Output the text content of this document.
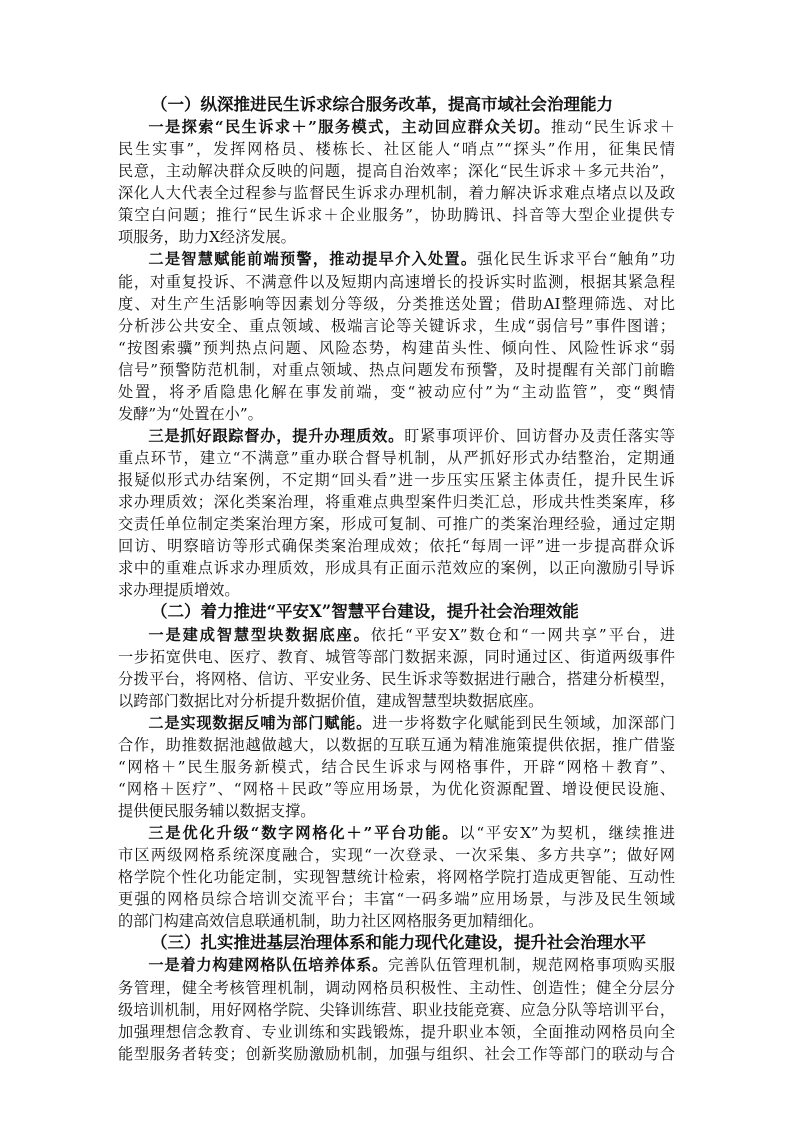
（一）纵深推进民生诉求综合服务改革，提高市域社会治理能力
一是探索“民生诉求＋”服务模式，主动回应群众关切。推动“民生诉求＋
民生实事”，发挥网格员、楼栋长、社区能人“哨点”“探头”作用，征集民情
民意，主动解决群众反映的问题，提高自治效率；深化“民生诉求＋多元共治”，
深化人大代表全过程参与监督民生诉求办理机制，着力解决诉求难点堵点以及政
策空白问题；推行“民生诉求＋企业服务”，协助腾讯、抖音等大型企业提供专
项服务，助力X经济发展。
二是智慧赋能前端预警，推动提早介入处置。强化民生诉求平台“触角”功
能，对重复投诉、不满意件以及短期内高速增长的投诉实时监测，根据其紧急程
度、对生产生活影响等因素划分等级，分类推送处置；借助AI整理筛选、对比
分析涉公共安全、重点领域、极端言论等关键诉求，生成“弱信号”事件图谱；
“按图索骥”预判热点问题、风险态势，构建苗头性、倾向性、风险性诉求“弱
信号”预警防范机制，对重点领域、热点问题发布预警，及时提醒有关部门前瞻
处置，将矛盾隐患化解在事发前端，变“被动应付”为“主动监管”，变“舆情
发酵”为“处置在小”。
三是抓好跟踪督办，提升办理质效。盯紧事项评价、回访督办及责任落实等
重点环节，建立“不满意”重办联合督导机制，从严抓好形式办结整治，定期通
报疑似形式办结案例，不定期“回头看”进一步压实压紧主体责任，提升民生诉
求办理质效；深化类案治理，将重难点典型案件归类汇总，形成共性类案库，移
交责任单位制定类案治理方案，形成可复制、可推广的类案治理经验，通过定期
回访、明察暗访等形式确保类案治理成效；依托“每周一评”进一步提高群众诉
求中的重难点诉求办理质效，形成具有正面示范效应的案例，以正向激励引导诉
求办理提质增效。
（二）着力推进“平安X”智慧平台建设，提升社会治理效能
一是建成智慧型块数据底座。依托“平安X”数仓和“一网共享”平台，进
一步拓宽供电、医疗、教育、城管等部门数据来源，同时通过区、街道两级事件
分拨平台，将网格、信访、平安业务、民生诉求等数据进行融合，搭建分析模型，
以跨部门数据比对分析提升数据价值，建成智慧型块数据底座。
二是实现数据反哺为部门赋能。进一步将数字化赋能到民生领域，加深部门
合作，助推数据池越做越大，以数据的互联互通为精准施策提供依据，推广借鉴
“网格＋”民生服务新模式，结合民生诉求与网格事件，开辟“网格＋教育”、
“网格＋医疗”、“网格＋民政”等应用场景，为优化资源配置、增设便民设施、
提供便民服务辅以数据支撑。
三是优化升级“数字网格化＋”平台功能。以“平安X”为契机，继续推进
市区两级网格系统深度融合，实现“一次登录、一次采集、多方共享”；做好网
格学院个性化功能定制，实现智慧统计检索，将网格学院打造成更智能、互动性
更强的网格员综合培训交流平台；丰富“一码多端”应用场景，与涉及民生领域
的部门构建高效信息联通机制，助力社区网格服务更加精细化。
（三）扎实推进基层治理体系和能力现代化建设，提升社会治理水平
一是着力构建网格队伍培养体系。完善队伍管理机制，规范网格事项购买服
务管理，健全考核管理机制，调动网格员积极性、主动性、创造性；健全分层分
级培训机制，用好网格学院、尖锋训练营、职业技能竞赛、应急分队等培训平台，
加强理想信念教育、专业训练和实践锻炼，提升职业本领，全面推动网格员向全
能型服务者转变；创新奖励激励机制，加强与组织、社会工作等部门的联动与合
